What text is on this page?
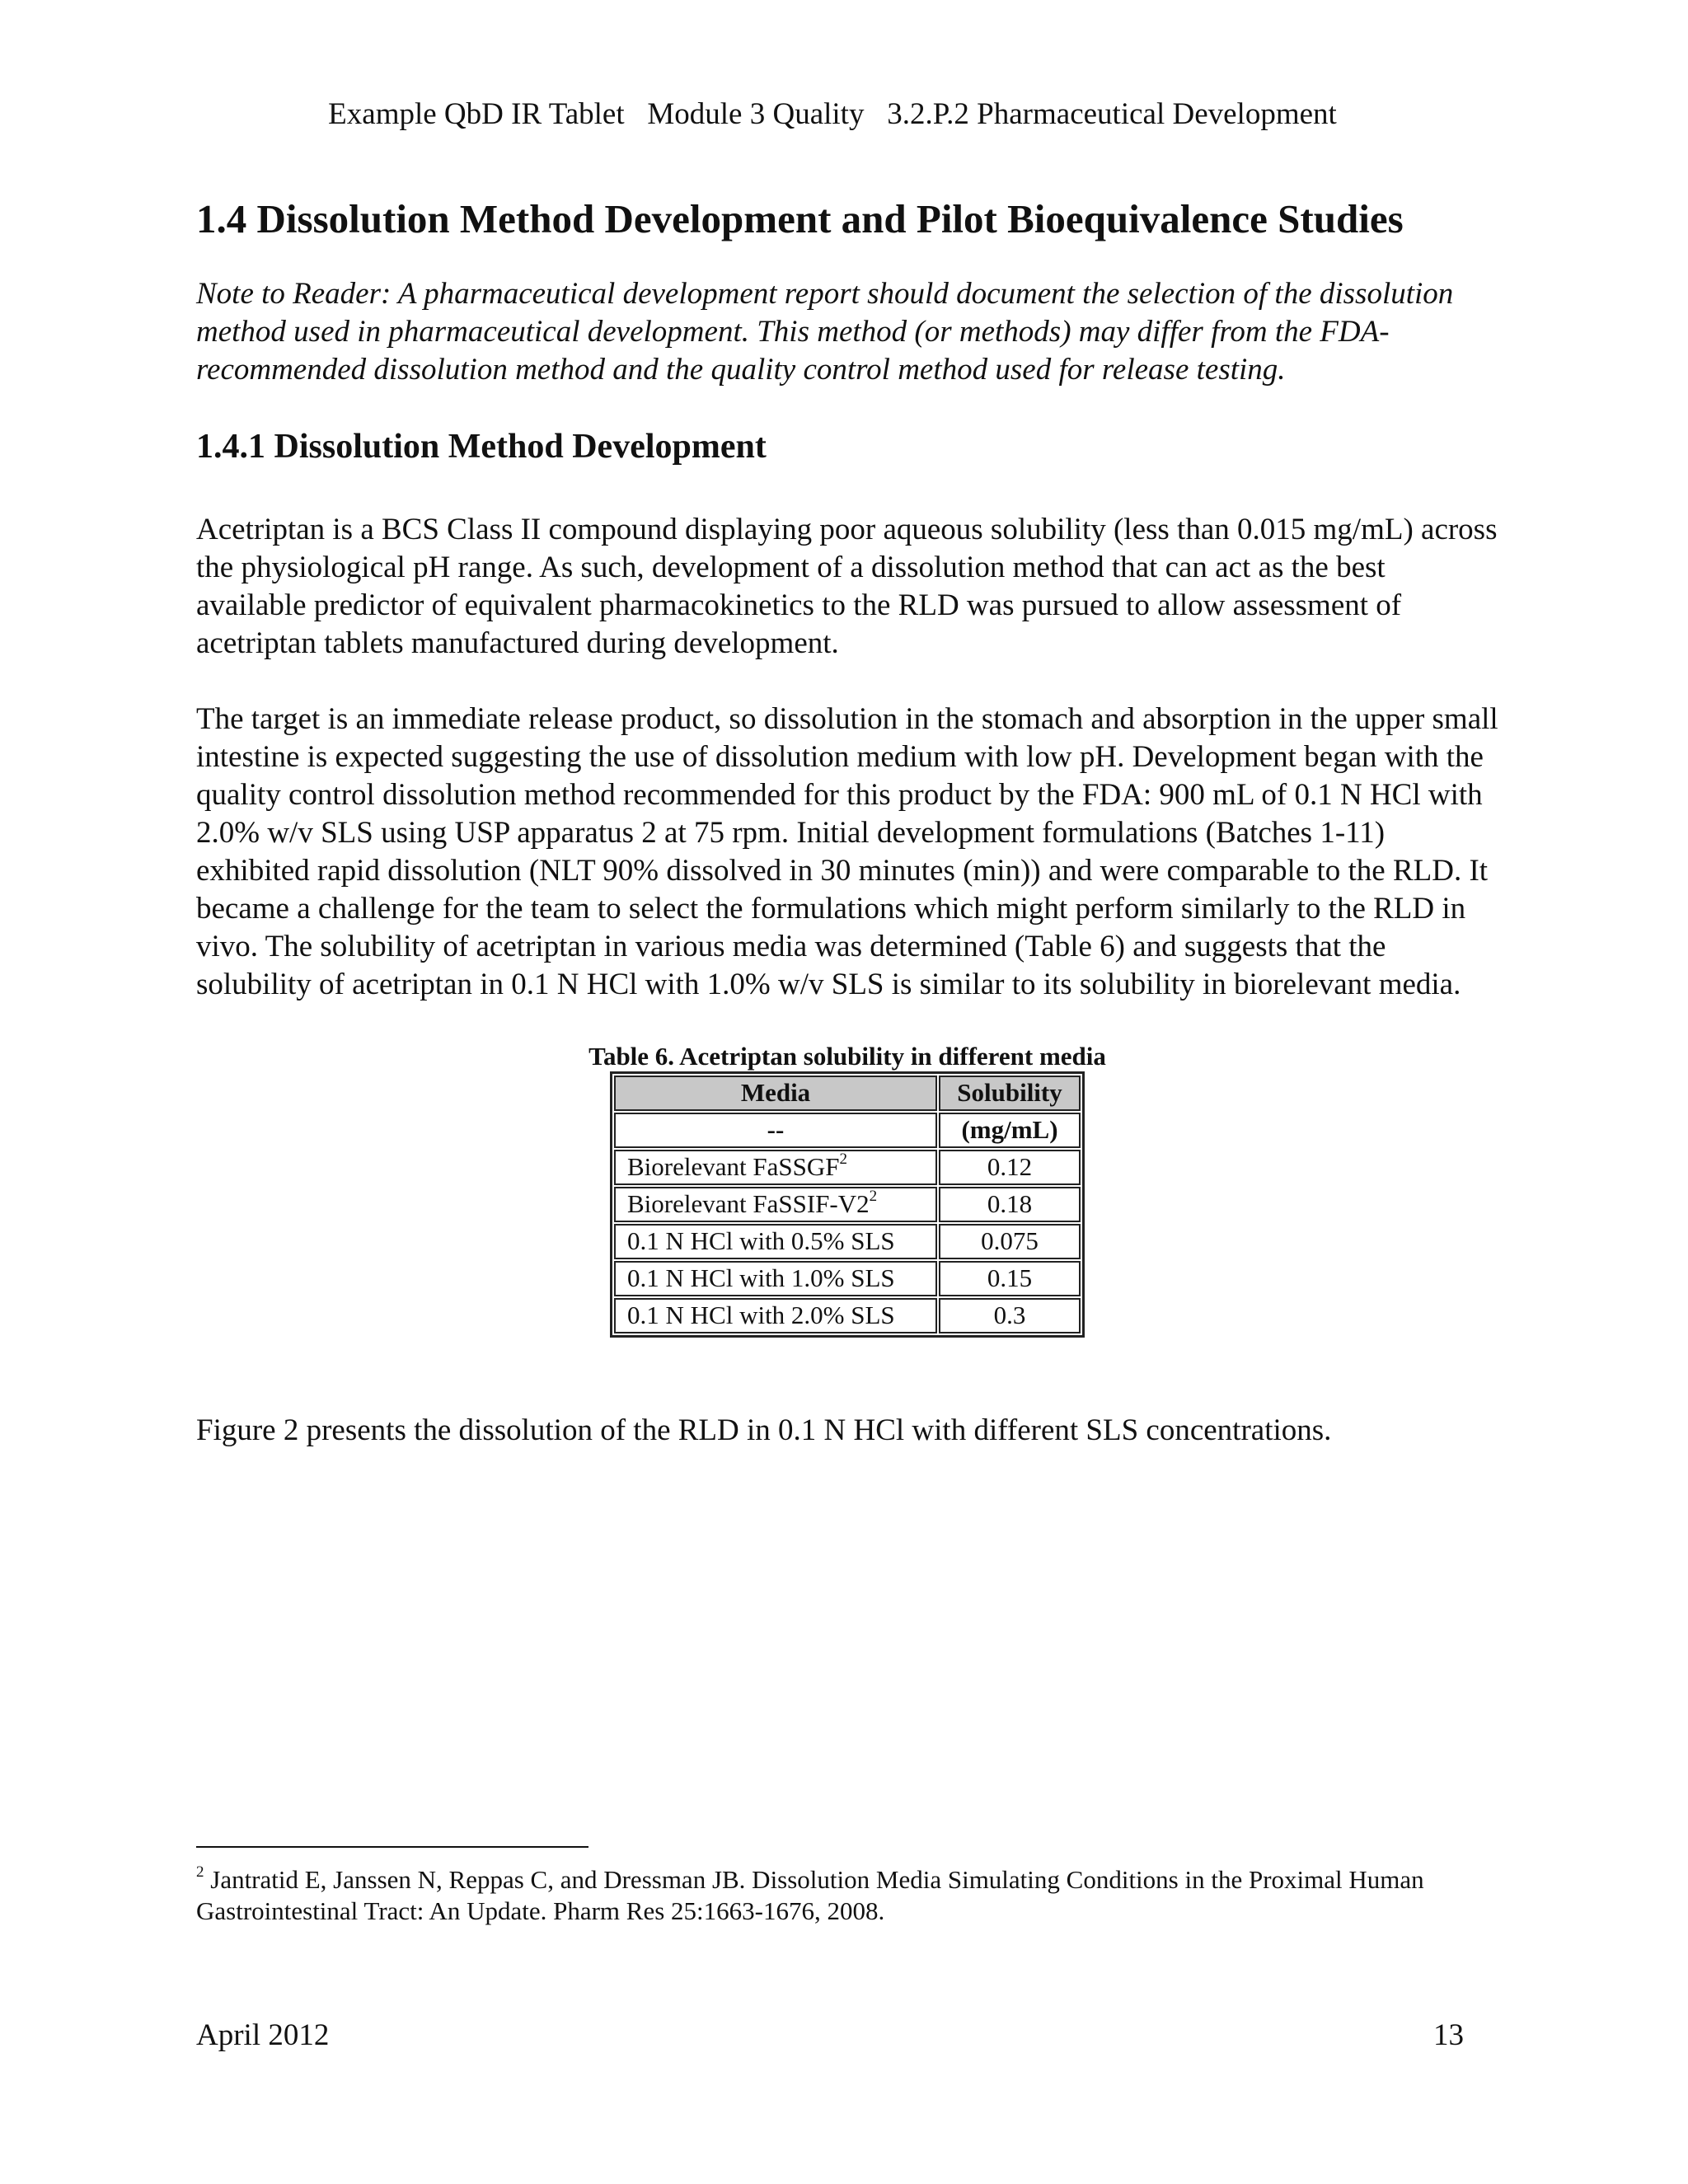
Example QbD IR Tablet   Module 3 Quality   3.2.P.2 Pharmaceutical Development
1.4 Dissolution Method Development and Pilot Bioequivalence Studies

Note to Reader: A pharmaceutical development report should document the selection of the dissolution method used in pharmaceutical development. This method (or methods) may differ from the FDA-recommended dissolution method and the quality control method used for release testing.

1.4.1 Dissolution Method Development

Acetriptan is a BCS Class II compound displaying poor aqueous solubility (less than 0.015 mg/mL) across the physiological pH range. As such, development of a dissolution method that can act as the best available predictor of equivalent pharmacokinetics to the RLD was pursued to allow assessment of acetriptan tablets manufactured during development.

The target is an immediate release product, so dissolution in the stomach and absorption in the upper small intestine is expected suggesting the use of dissolution medium with low pH. Development began with the quality control dissolution method recommended for this product by the FDA: 900 mL of 0.1 N HCl with 2.0% w/v SLS using USP apparatus 2 at 75 rpm. Initial development formulations (Batches 1-11) exhibited rapid dissolution (NLT 90% dissolved in 30 minutes (min)) and were comparable to the RLD. It became a challenge for the team to select the formulations which might perform similarly to the RLD in vivo. The solubility of acetriptan in various media was determined (Table 6) and suggests that the solubility of acetriptan in 0.1 N HCl with 1.0% w/v SLS is similar to its solubility in biorelevant media.

Table 6. Acetriptan solubility in different media
Media	Solubility
--	(mg/mL)
Biorelevant FaSSGF$^2$	0.12
Biorelevant FaSSIF-$V2^2$	0.18
0.1 N HCl with 0.5% SLS	0.075
0.1 N HCl with 1.0% SLS	0.15
0.1 N HCl with 2.0% SLS	0.3

Figure 2 presents the dissolution of the RLD in 0.1 N HCl with different SLS concentrations.

$^2$ Jantratid E, Janssen N, Reppas C, and Dressman JB. Dissolution Media Simulating Conditions in the Proximal Human Gastrointestinal Tract: An Update. Pharm Res 25:1663-1676, 2008.
April 2012	13
